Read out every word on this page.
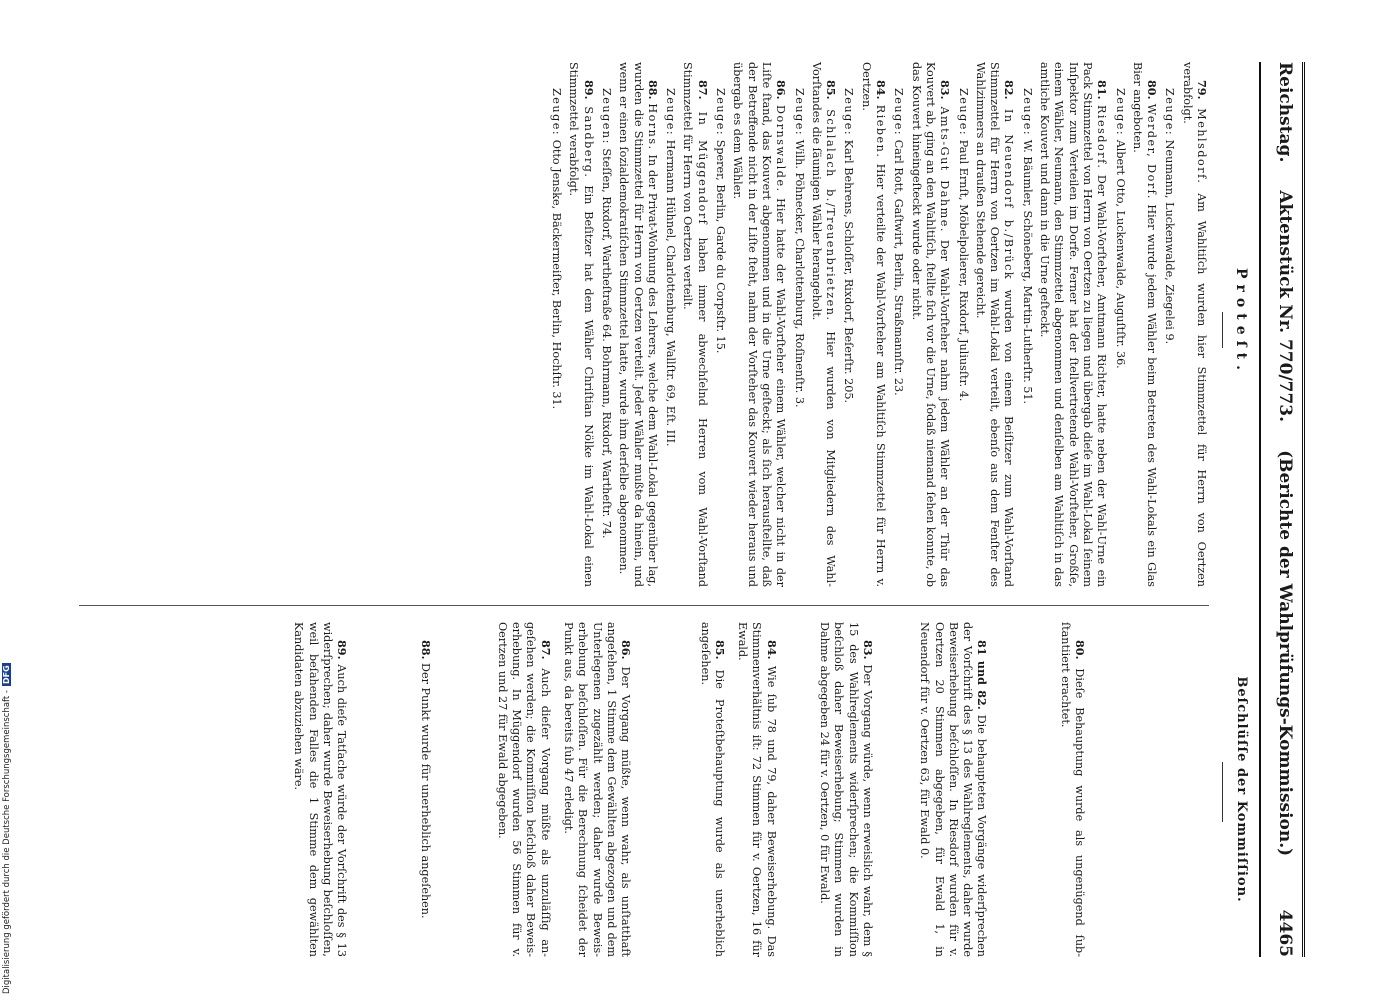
Digitalisierung gefördert durch die Deutsche Forschungsgemeinschaft -DFG
Reichstag.Aktenstück Nr. 770/773.(Berichte der Wahlprüfungs-Kommission.)
4465
Proteſt.
Beſchlüſſe der Kommiſſion.

79. Mehlsdorf. Am Wahltiſch wurden hier Stimmzettel für Herrn von Oertzen verabfolgt.

Zeuge: Neumann, Luckenwalde, Ziegelei 9.

80. Werder, Dorf. Hier wurde jedem Wähler beim Betreten des Wahl-Lokals ein Glas Bier angeboten.

Zeuge: Albert Otto, Luckenwalde, Auguſtſtr. 36.

81. Riesdorf. Der Wahl-Vorſteher, Amtmann Richter, hatte neben der Wahl-Urne ein Pack Stimmzettel von Herrn von Oertzen zu liegen und übergab dieſe im Wahl-Lokal ſeinem Inſpektor zum Verteilen im Dorfe. Ferner hat der ſtellvertretende Wahl-Vorſteher, Großſe, einem Wähler, Neumann, den Stimmzettel abgenommen und denſelben am Wahltiſch in das amtliche Kouvert und dann in die Urne geſteckt.

Zeuge: W. Bäumler, Schöneberg, Martin-Lutherſtr. 51.

82. In Neuendorf b./Brück wurden von einem Beiſitzer zum Wahl-Vorſtand Stimmzettel für Herrn von Oertzen im Wahl-Lokal verteilt, ebenſo aus dem Fenſter des Wahlzimmers an draußen Stehende gereicht.

Zeuge: Paul Ernſt, Möbelpolierer, Rixdorf, Juliusſtr. 4.

83. Amts-Gut Dahme. Der Wahl-Vorſteher nahm jedem Wähler an der Thür das Kouvert ab, ging an den Wahltiſch, ſtellte ſich vor die Urne, ſodaß niemand ſehen konnte, ob das Kouvert hineingeſteckt wurde oder nicht.

Zeuge: Carl Rott, Gaſtwirt, Berlin, Straßmannſtr. 23.

84. Rieben. Hier verteilte der Wahl-Vorſteher am Wahltiſch Stimmzettel für Herrn v. Oertzen.

Zeuge: Karl Behrens, Schloſſer, Rixdorf, Beſerſtr. 205.

85. Schlalach b./Treuenbrietzen. Hier wurden von Mitgliedern des Wahl-Vorſtandes die ſäumigen Wähler herangeholt.

Zeuge: Wilh. Pöhnecker, Charlottenburg, Roſinenſtr. 3.

86. Dornswalde. Hier hatte der Wahl-Vorſteher einem Wähler, welcher nicht in der Liſte ſtand, das Kouvert abgenommen und in die Urne geſteckt; als ſich herausſtellte, daß der Betreffende nicht in der Liſte ſteht, nahm der Vorſteher das Kouvert wieder heraus und übergab es dem Wähler.

Zeuge: Sperer, Berlin, Garde du Corpsſtr. 15.

87. In Müggendorf haben immer abwechſelnd Herren vom Wahl-Vorſtand Stimmzettel für Herrn von Oertzen verteilt.

Zeuge: Hermann Hühnel, Charlottenburg, Wallſtr. 69, Eſt. III.

88. Horns. In der Privat-Wohnung des Lehrers, welche dem Wahl-Lokal gegenüber lag, wurden die Stimmzettel für Herrn von Oertzen verteilt. Jeder Wähler mußte da hinein, und wenn er einen ſozialdemokratiſchen Stimmzettel hatte, wurde ihm derſelbe abgenommen.

Zeugen: Steſſen, Rixdorf, Wartheſtraße 64. Bohrmann, Rixdorf, Wartheſtr. 74.

89. Sandberg. Ein Beſitzer hat dem Wähler Chriſtian Nölke im Wahl-Lokal einen Stimmzettel verabfolgt.

Zeuge: Otto Jenske, Bäckermeiſter, Berlin, Hochſtr. 31.

80. Dieſe Behauptung wurde als ungenügend ſubſtantiiert erachtet.

81 und 82. Die behaupteten Vorgänge widerſprechen der Vorſchrift des § 13 des Wahlreglements, daher wurde Beweiserhebung beſchloſſen. In Riesdorf wurden für v. Oertzen 20 Stimmen abgegeben, für Ewald 1, in Neuendorf für v. Oertzen 63, für Ewald 0.

83. Der Vorgang würde, wenn erweislich wahr, dem § 15 des Wahlreglements widerſprechen; die Kommiſſion beſchloß daher Beweiserhebung; Stimmen wurden in Dahme abgegeben 24 für v. Oertzen, 0 für Ewald.

84. Wie ſub 78 und 79, daher Beweiserhebung. Das Stimmenverhältnis iſt: 72 Stimmen für v. Oertzen, 16 für Ewald.

85. Die Proteſtbehauptung wurde als unerheblich angeſehen.

86. Der Vorgang müßte, wenn wahr, als unſtatthaft angeſehen, 1 Stimme dem Gewählten abgezogen und dem Unterlegenen zugezählt werden; daher wurde Beweiserhebung beſchloſſen. Für die Berechnung ſcheidet der Punkt aus, da bereits ſub 47 erledigt.

87. Auch dieſer Vorgang müßte als unzuläſſig angeſehen werden; die Kommiſſion beſchloß daher Beweiserhebung. In Müggendorf wurden 56 Stimmen für v. Oertzen und 27 für Ewald abgegeben.

88. Der Punkt wurde für unerheblich angeſehen.

89. Auch dieſe Tatſache würde der Vorſchrift des § 13 widerſprechen; daher wurde Beweiserhebung beſchloſſen, weil beſahenden Falles die 1 Stimme dem gewählten Kandidaten abzuziehen wäre.
